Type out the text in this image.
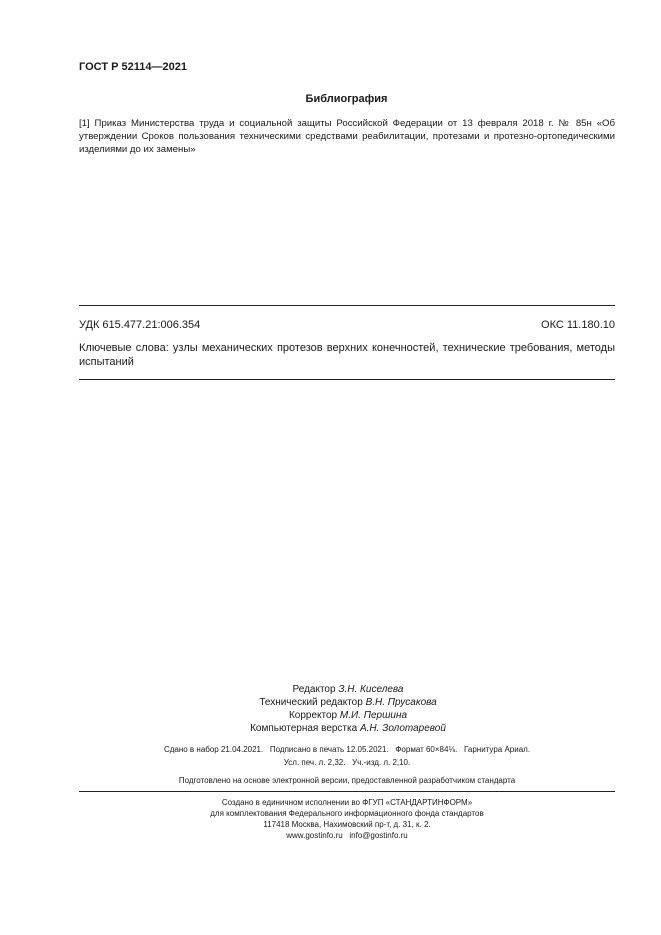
ГОСТ Р 52114—2021
Библиография
[1] Приказ Министерства труда и социальной защиты Российской Федерации от 13 февраля 2018 г. № 85н «Об утверждении Сроков пользования техническими средствами реабилитации, протезами и протезно-ортопедическими изделиями до их замены»
УДК 615.477.21:006.354	ОКС 11.180.10
Ключевые слова: узлы механических протезов верхних конечностей, технические требования, методы испытаний
Редактор З.Н. Киселева
Технический редактор В.Н. Прусакова
Корректор М.И. Першина
Компьютерная верстка А.Н. Золотаревой
Сдано в набор 21.04.2021.   Подписано в печать 12.05.2021.   Формат 60×84⅛.   Гарнитура Ариал.
Усл. печ. л. 2,32.   Уч.-изд. л. 2,10.
Подготовлено на основе электронной версии, предоставленной разработчиком стандарта
Создано в единичном исполнении во ФГУП «СТАНДАРТИНФОРМ»
для комплектования Федерального информационного фонда стандартов
117418 Москва, Нахимовский пр-т, д. 31, к. 2.
www.gostinfo.ru   info@gostinfo.ru
